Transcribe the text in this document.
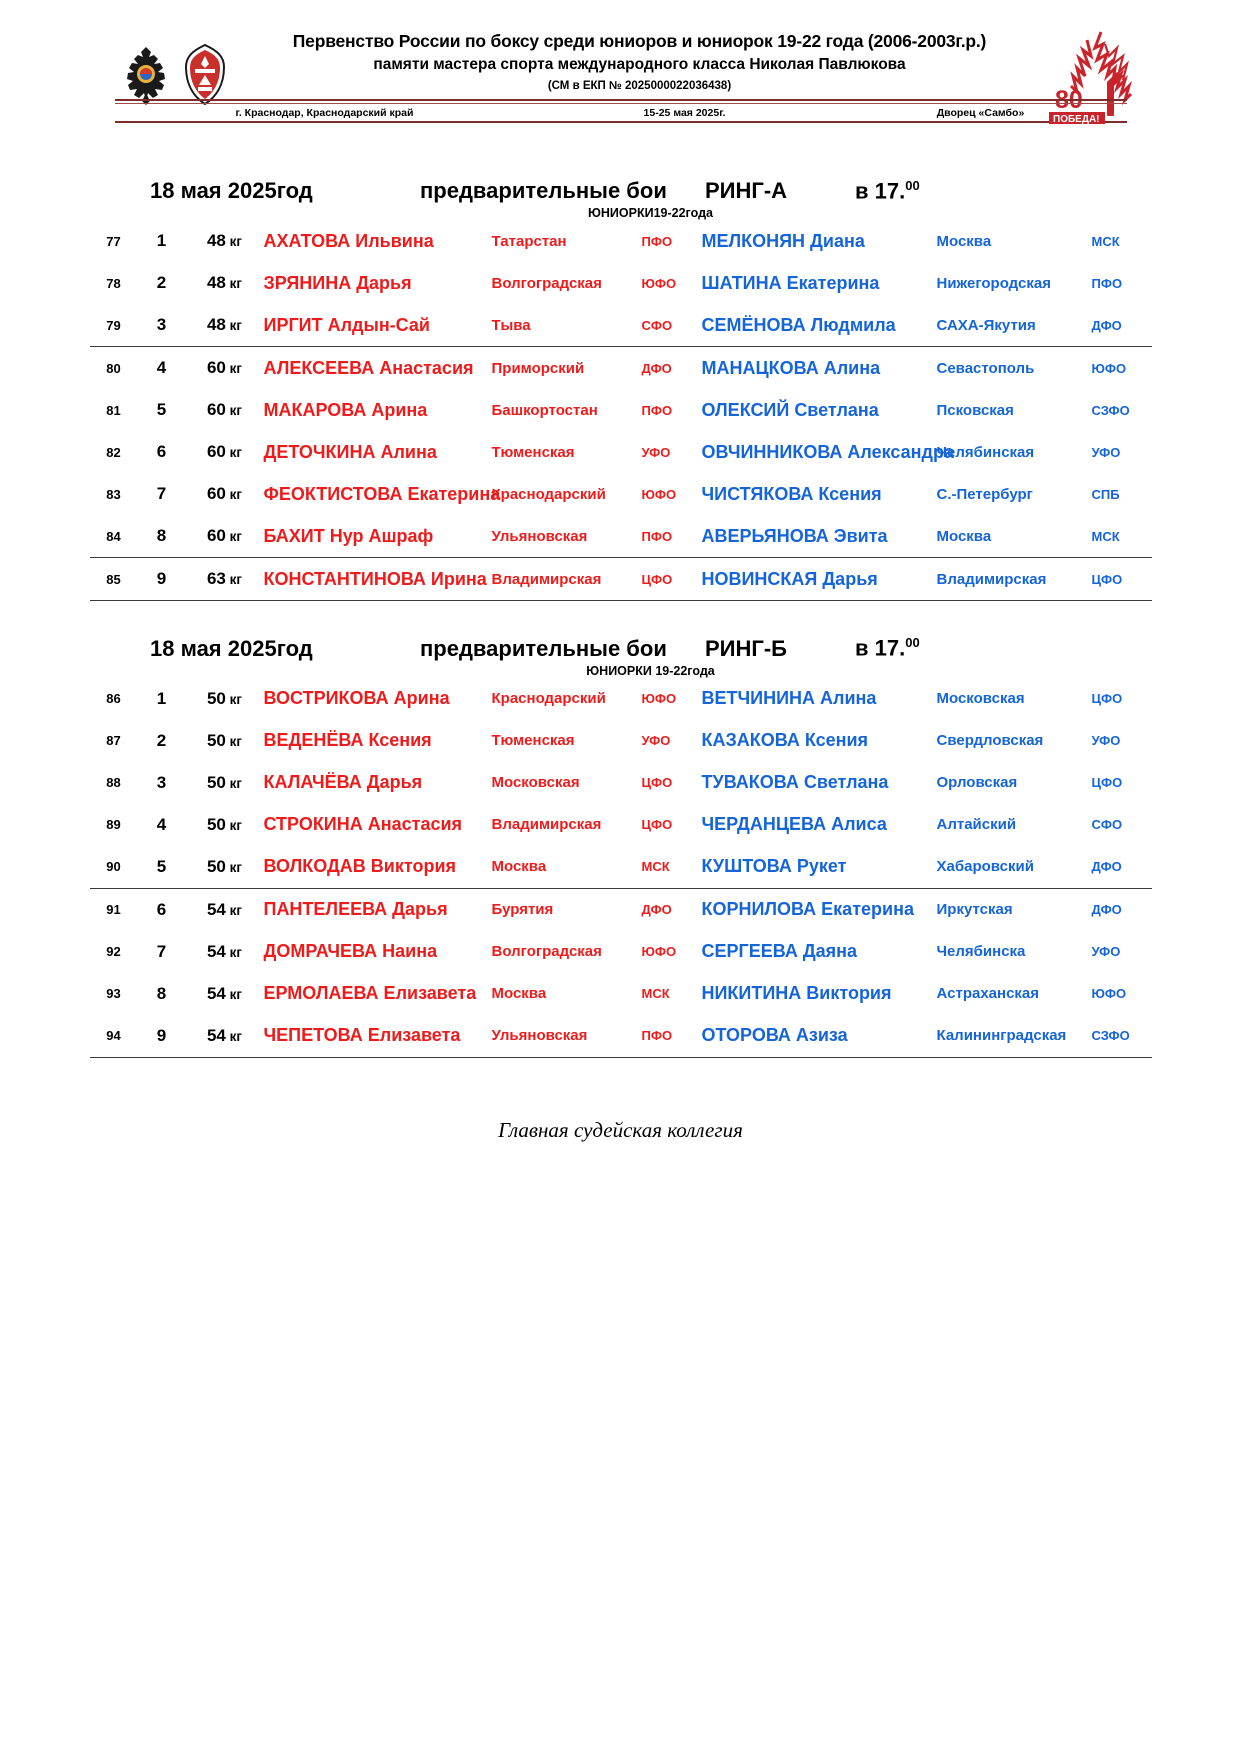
Первенство России по боксу среди юниоров и юниорок 19-22 года (2006-2003г.р.)
памяти мастера спорта международного класса Николая Павлюкова
(СМ в ЕКП № 2025000022036438)
ПОБЕДА!
г. Краснодар, Краснодарский край	15-25 мая 2025г.	Дворец «Самбо»
18 мая 2025год	предварительные бои	РИНГ-А	в 17.00
ЮНИОРКИ19-22года
77	1	48 кг	АХАТОВА Ильвина	Татарстан	ПФО	МЕЛКОНЯН Диана	Москва	МСК
78	2	48 кг	ЗРЯНИНА Дарья	Волгоградская	ЮФО	ШАТИНА Екатерина	Нижегородская	ПФО
79	3	48 кг	ИРГИТ Алдын-Сай	Тыва	СФО	СЕМЁНОВА Людмила	САХА-Якутия	ДФО
80	4	60 кг	АЛЕКСЕЕВА Анастасия	Приморский	ДФО	МАНАЦКОВА Алина	Севастополь	ЮФО
81	5	60 кг	МАКАРОВА Арина	Башкортостан	ПФО	ОЛЕКСИЙ Светлана	Псковская	СЗФО
82	6	60 кг	ДЕТОЧКИНА Алина	Тюменская	УФО	ОВЧИННИКОВА Александра	Челябинская	УФО
83	7	60 кг	ФЕОКТИСТОВА Екатерина	Краснодарский	ЮФО	ЧИСТЯКОВА Ксения	С.-Петербург	СПБ
84	8	60 кг	БАХИТ Нур Ашраф	Ульяновская	ПФО	АВЕРЬЯНОВА Эвита	Москва	МСК
85	9	63 кг	КОНСТАНТИНОВА Ирина	Владимирская	ЦФО	НОВИНСКАЯ Дарья	Владимирская	ЦФО
18 мая 2025год	предварительные бои	РИНГ-Б	в 17.00
ЮНИОРКИ 19-22года
86	1	50 кг	ВОСТРИКОВА Арина	Краснодарский	ЮФО	ВЕТЧИНИНА Алина	Московская	ЦФО
87	2	50 кг	ВЕДЕНЁВА Ксения	Тюменская	УФО	КАЗАКОВА Ксения	Свердловская	УФО
88	3	50 кг	КАЛАЧЁВА Дарья	Московская	ЦФО	ТУВАКОВА Светлана	Орловская	ЦФО
89	4	50 кг	СТРОКИНА Анастасия	Владимирская	ЦФО	ЧЕРДАНЦЕВА Алиса	Алтайский	СФО
90	5	50 кг	ВОЛКОДАВ Виктория	Москва	МСК	КУШТОВА Рукет	Хабаровский	ДФО
91	6	54 кг	ПАНТЕЛЕЕВА Дарья	Бурятия	ДФО	КОРНИЛОВА Екатерина	Иркутская	ДФО
92	7	54 кг	ДОМРАЧЕВА Наина	Волгоградская	ЮФО	СЕРГЕЕВА Даяна	Челябинска	УФО
93	8	54 кг	ЕРМОЛАЕВА Елизавета	Москва	МСК	НИКИТИНА Виктория	Астраханская	ЮФО
94	9	54 кг	ЧЕПЕТОВА Елизавета	Ульяновская	ПФО	ОТОРОВА Азиза	Калининградская	СЗФО
Главная судейская коллегия
